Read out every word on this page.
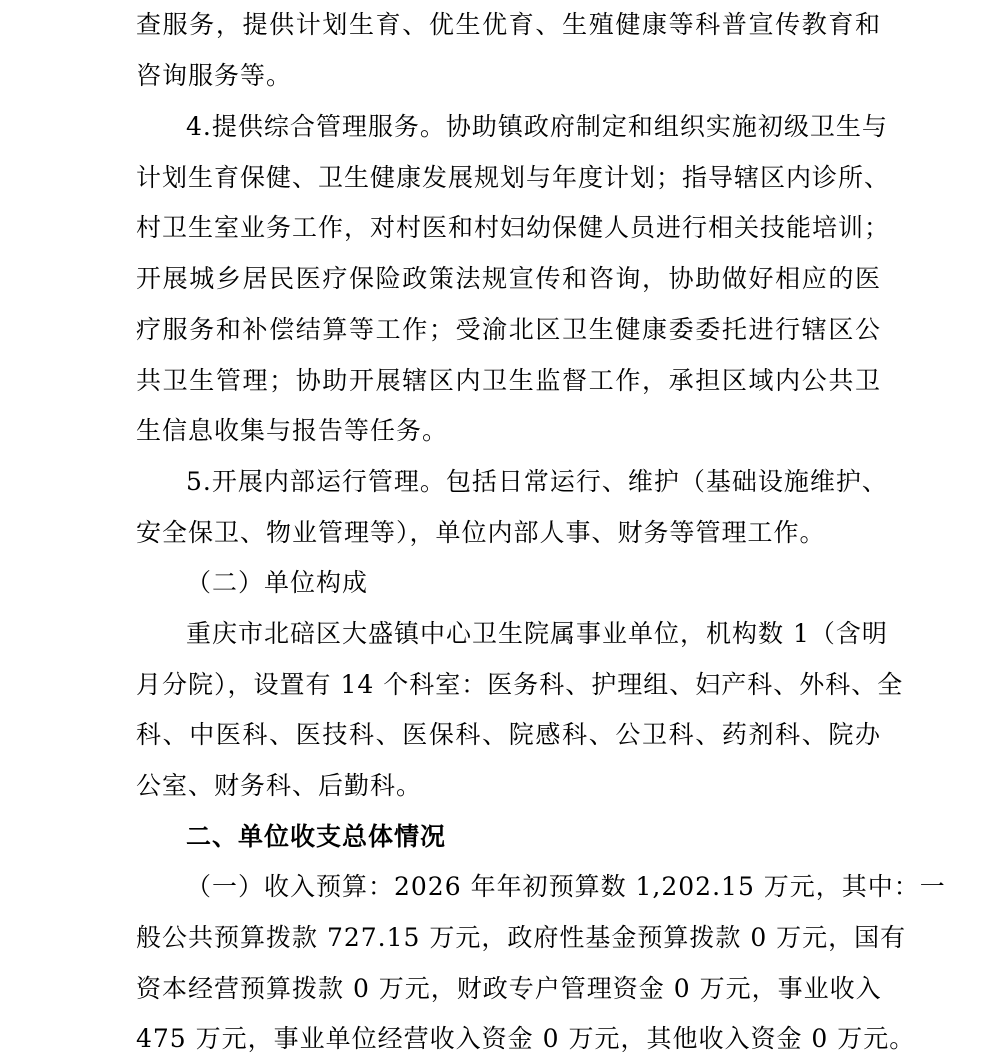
查服务，提供计划生育、优生优育、生殖健康等科普宣传教育和
咨询服务等。
4.提供综合管理服务。协助镇政府制定和组织实施初级卫生与
计划生育保健、卫生健康发展规划与年度计划；指导辖区内诊所、
村卫生室业务工作，对村医和村妇幼保健人员进行相关技能培训；
开展城乡居民医疗保险政策法规宣传和咨询，协助做好相应的医
疗服务和补偿结算等工作；受渝北区卫生健康委委托进行辖区公
共卫生管理；协助开展辖区内卫生监督工作，承担区域内公共卫
生信息收集与报告等任务。
5.开展内部运行管理。包括日常运行、维护（基础设施维护、
安全保卫、物业管理等），单位内部人事、财务等管理工作。
（二）单位构成
重庆市北碚区大盛镇中心卫生院属事业单位，机构数 1（含明
月分院），设置有 14 个科室：医务科、护理组、妇产科、外科、全
科、中医科、医技科、医保科、院感科、公卫科、药剂科、院办
公室、财务科、后勤科。
二、单位收支总体情况
（一）收入预算：2026 年年初预算数 1,202.15 万元，其中：一
般公共预算拨款 727.15 万元，政府性基金预算拨款 0 万元，国有
资本经营预算拨款 0 万元，财政专户管理资金 0 万元，事业收入
475 万元，事业单位经营收入资金 0 万元，其他收入资金 0 万元。
